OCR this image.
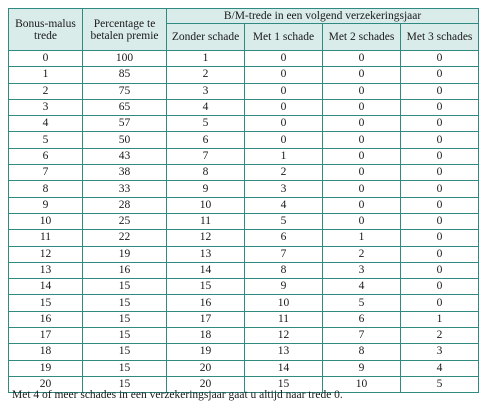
Bonus-malus trede	Percentage te betalen premie	B/M-trede in een volgend verzekeringsjaar			
		Zonder schade	Met 1 schade	Met 2 schades	Met 3 schades
0	100	1	0	0	0
1	85	2	0	0	0
2	75	3	0	0	0
3	65	4	0	0	0
4	57	5	0	0	0
5	50	6	0	0	0
6	43	7	1	0	0
7	38	8	2	0	0
8	33	9	3	0	0
9	28	10	4	0	0
10	25	11	5	0	0
11	22	12	6	1	0
12	19	13	7	2	0
13	16	14	8	3	0
14	15	15	9	4	0
15	15	16	10	5	0
16	15	17	11	6	1
17	15	18	12	7	2
18	15	19	13	8	3
19	15	20	14	9	4
20	15	20	15	10	5
Met 4 of meer schades in een verzekeringsjaar gaat u altijd naar trede 0.
